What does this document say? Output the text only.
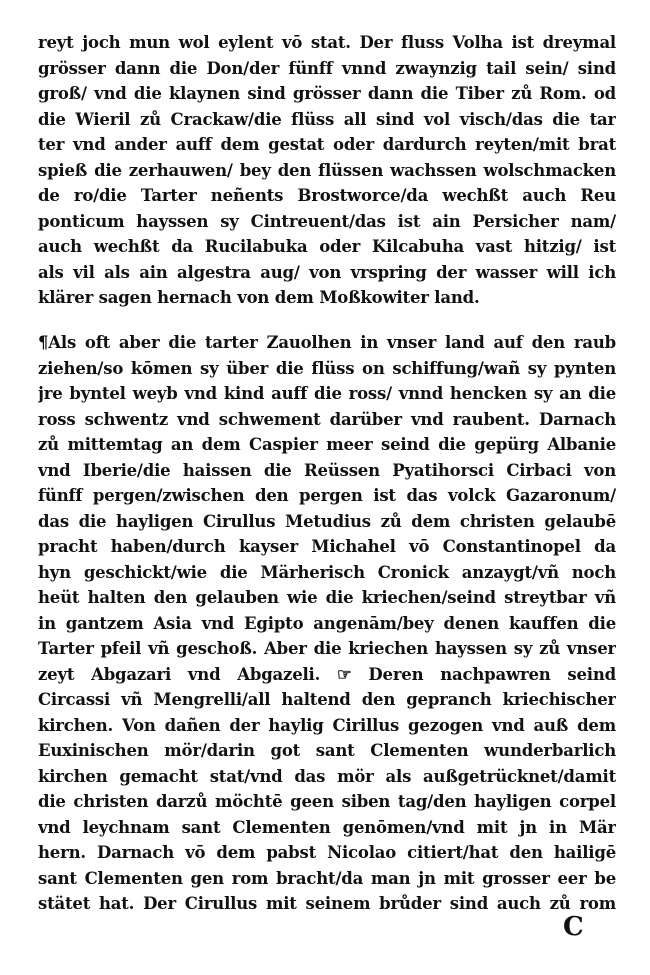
reyt joch mun wol eylent vō stat. Der fluss Volha ist dreymal
grösser dann die Don/der fünff vnnd zwaynzig tail sein/ sind
groß/ vnd die klaynen sind grösser dann die Tiber zů Rom. od
die Wieril zů Crackaw/die flüss all sind vol visch/das die tar
ter vnd ander auff dem gestat oder dardurch reyten/mit brat
spieß die zerhauwen/ bey den flüssen wachssen wolschmacken
de ro/die Tarter neñents Brostworce/da wechßt auch Reu
ponticum hayssen sy Cintreuent/das ist ain Persicher nam/
auch wechßt da Rucilabuka oder Kilcabuha vast hitzig/ ist
als vil als ain algestra aug/ von vrspring der wasser will ich
klärer sagen hernach von dem Moßkowiter land.
¶Als oft aber die tarter Zauolhen in vnser land auf den raub
ziehen/so kōmen sy über die flüss on schiffung/wañ sy pynten
jre byntel weyb vnd kind auff die ross/ vnnd hencken sy an die
ross schwentz vnd schwement darüber vnd raubent. Darnach
zů mittemtag an dem Caspier meer seind die gepürg Albanie
vnd Iberie/die haissen die Reüssen Pyatihorsci Cirbaci von
fünff pergen/zwischen den pergen ist das volck Gazaronum/
das die hayligen Cirullus Metudius zů dem christen gelaubē
pracht haben/durch kayser Michahel vō Constantinopel da
hyn geschickt/wie die Märherisch Cronick anzaygt/vñ noch
heüt halten den gelauben wie die kriechen/seind streytbar vñ
in gantzem Asia vnd Egipto angenām/bey denen kauffen die
Tarter pfeil vñ geschoß. Aber die kriechen hayssen sy zů vnser
zeyt Abgazari vnd Abgazeli. ☞ Deren nachpawren seind
Circassi vñ Mengrelli/all haltend den gepranch kriechischer
kirchen. Von dañen der haylig Cirillus gezogen vnd auß dem
Euxinischen mör/darin got sant Clementen wunderbarlich
kirchen gemacht stat/vnd das mör als außgetrücknet/damit
die christen darzů möchtē geen siben tag/den hayligen corpel
vnd leychnam sant Clementen genōmen/vnd mit jn in Mär
hern. Darnach vō dem pabst Nicolao citiert/hat den hailigē
sant Clementen gen rom bracht/da man jn mit grosser eer be
stätet hat. Der Cirullus mit seinem brůder sind auch zů rom
C
